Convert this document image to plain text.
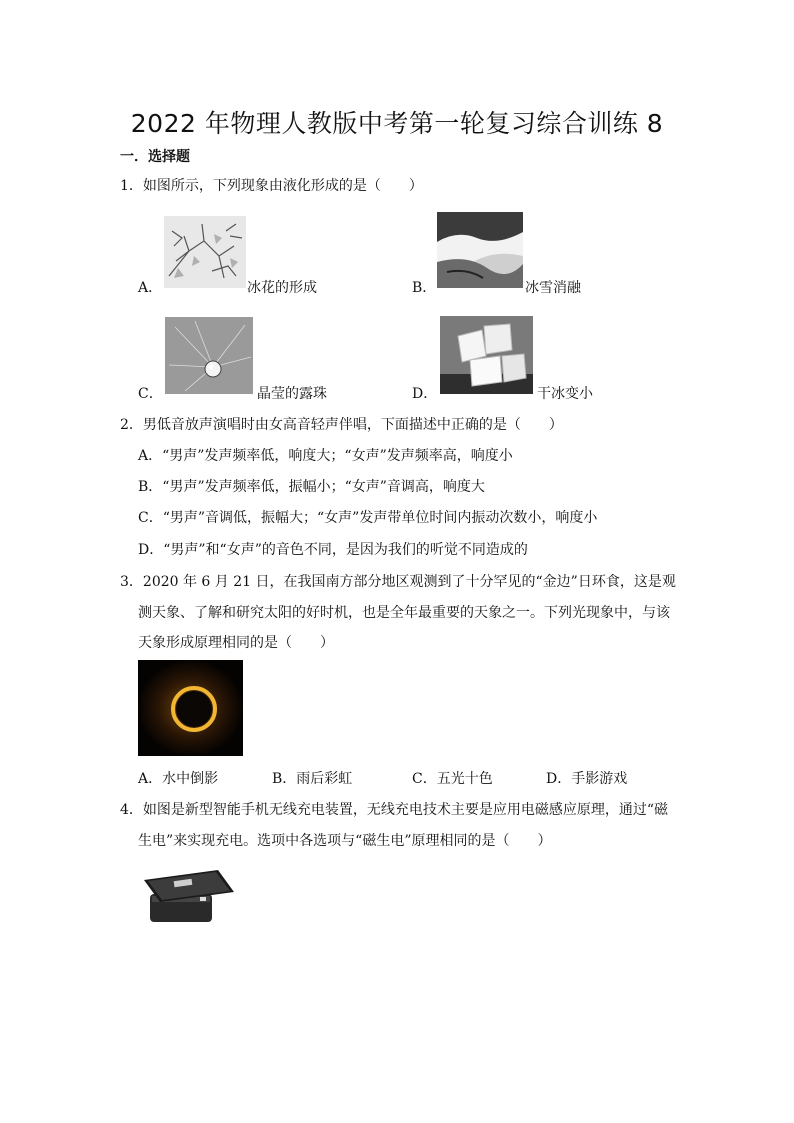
2022 年物理人教版中考第一轮复习综合训练 8
一．选择题
1．如图所示，下列现象由液化形成的是（　　）
A．	冰花的形成	B．	冰雪消融
C．	晶莹的露珠	D．	干冰变小
2．男低音放声演唱时由女高音轻声伴唱，下面描述中正确的是（　　）
A．“男声”发声频率低，响度大；“女声”发声频率高，响度小
B．“男声”发声频率低，振幅小；“女声”音调高，响度大
C．“男声”音调低，振幅大；“女声”发声带单位时间内振动次数小，响度小
D．“男声”和“女声”的音色不同，是因为我们的听觉不同造成的
3．2020 年 6 月 21 日，在我国南方部分地区观测到了十分罕见的“金边”日环食，这是观
测天象、了解和研究太阳的好时机，也是全年最重要的天象之一。下列光现象中，与该
天象形成原理相同的是（　　）
A．水中倒影	B．雨后彩虹	C．五光十色	D．手影游戏
4．如图是新型智能手机无线充电装置，无线充电技术主要是应用电磁感应原理，通过“磁
生电”来实现充电。选项中各选项与“磁生电”原理相同的是（　　）
